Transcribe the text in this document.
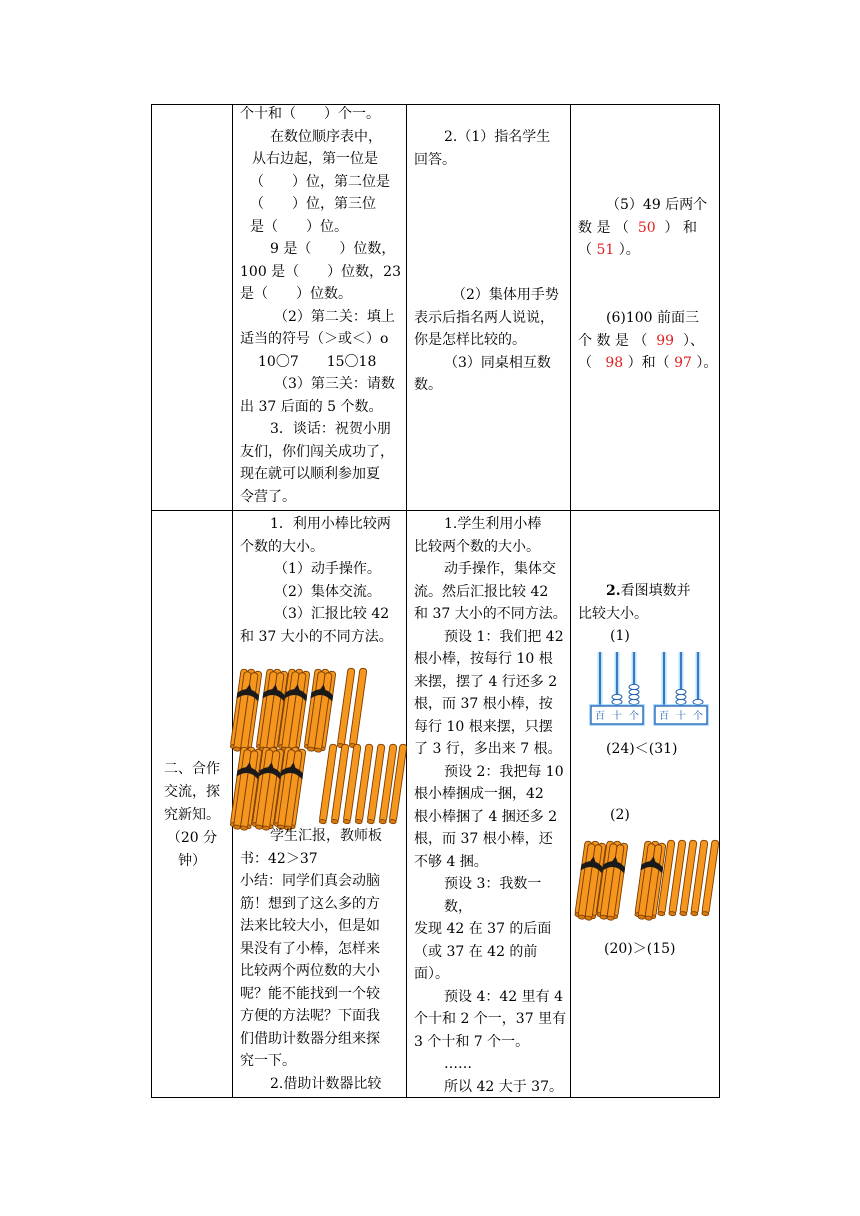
个十和（　　）个一。

在数位顺序表中，

从右边起，第一位是

（　　）位，第二位是

（　　）位，第三位

是（　　）位。

9 是（　　）位数，

100 是（　　）位数，23

是（　　）位数。

（2）第二关：填上

适当的符号（＞或＜）o

10〇7　　15〇18

（3）第三关：请数

出 37 后面的 5 个数。

3．谈话：祝贺小朋

友们，你们闯关成功了，

现在就可以顺利参加夏

令营了。

2.（1）指名学生

回答。

（2）集体用手势

表示后指名两人说说，

你是怎样比较的。

（3）同桌相互数

数。

（5）49 后两个

数 是 （ 50 ） 和

（ 51 ）。

(6)100 前面三

个 数 是 （ 99 ）、

（ 98 ）和（ 97 ）。

二、合作

交流，探

究新知。

（20 分

钟）

1．利用小棒比较两

个数的大小。

（1）动手操作。

（2）集体交流。

（3）汇报比较 42

和 37 大小的不同方法。

学生汇报，教师板

书：42＞37

小结：同学们真会动脑

筋！想到了这么多的方

法来比较大小，但是如

果没有了小棒，怎样来

比较两个两位数的大小

呢？能不能找到一个较

方便的方法呢？下面我

们借助计数器分组来探

究一下。

2.借助计数器比较

1.学生利用小棒

比较两个数的大小。

动手操作，集体交

流。然后汇报比较 42

和 37 大小的不同方法。

预设 1：我们把 42

根小棒，按每行 10 根

来摆，摆了 4 行还多 2

根，而 37 根小棒，按

每行 10 根来摆，只摆

了 3 行，多出来 7 根。

预设 2：我把每 10

根小棒捆成一捆，42

根小棒捆了 4 捆还多 2

根，而 37 根小棒，还

不够 4 捆。

预设 3：我数一数，

发现 42 在 37 的后面

（或 37 在 42 的前面）。

预设 4：42 里有 4

个十和 2 个一，37 里有

3 个十和 7 个一。

……

所以 42 大于 37。

2.看图填数并

比较大小。

(1)

百 十 个 百 十 个

(24)＜(31)

(2)

(20)＞(15)
